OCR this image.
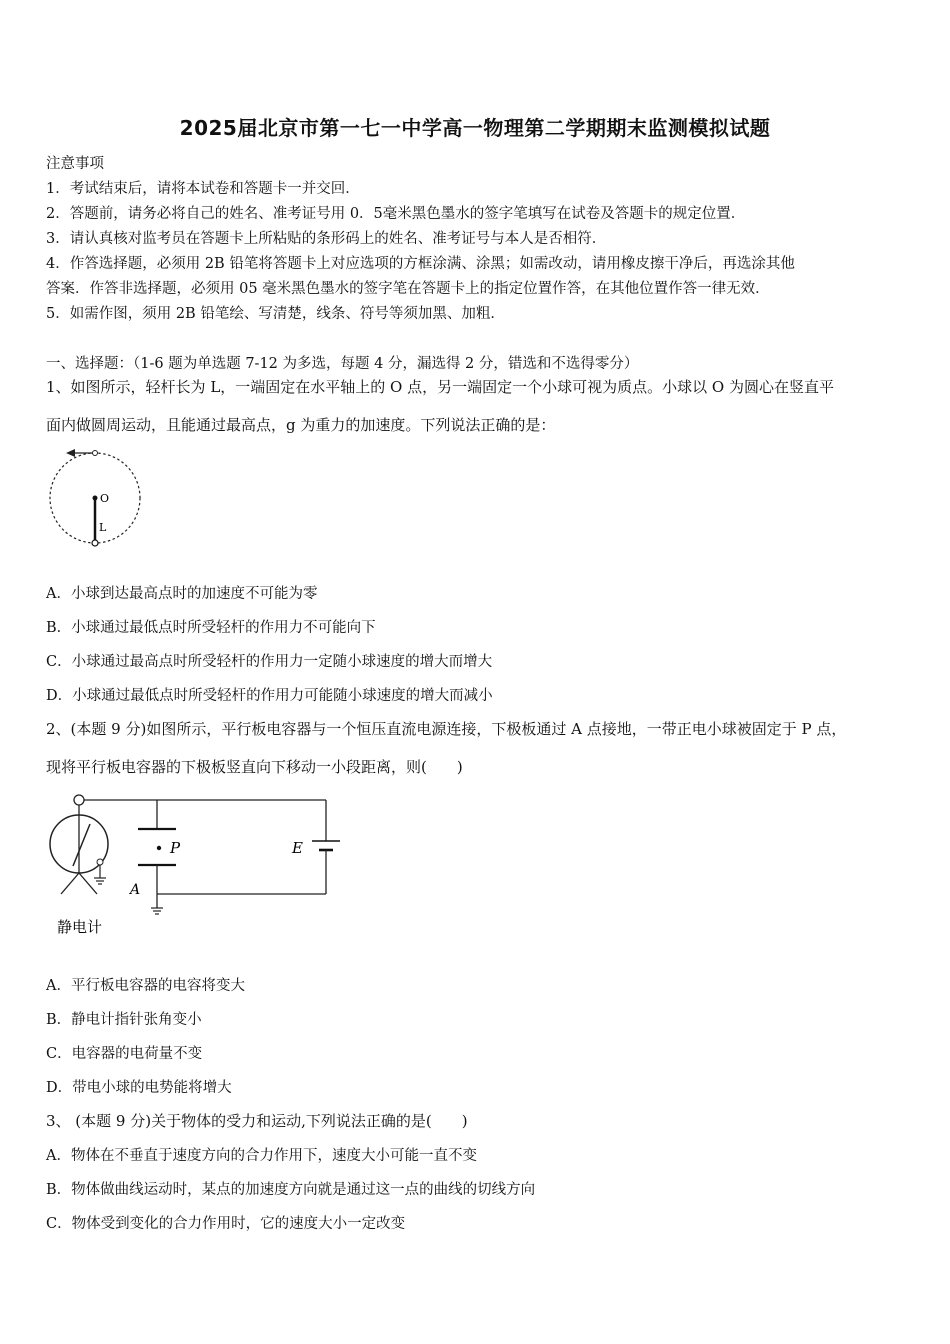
2025届北京市第一七一中学高一物理第二学期期末监测模拟试题
注意事项
1．考试结束后，请将本试卷和答题卡一并交回．
2．答题前，请务必将自己的姓名、准考证号用 0．5毫米黑色墨水的签字笔填写在试卷及答题卡的规定位置．
3．请认真核对监考员在答题卡上所粘贴的条形码上的姓名、准考证号与本人是否相符．
4．作答选择题，必须用 2B 铅笔将答题卡上对应选项的方框涂满、涂黑；如需改动，请用橡皮擦干净后，再选涂其他
答案．作答非选择题，必须用 05 毫米黑色墨水的签字笔在答题卡上的指定位置作答，在其他位置作答一律无效．
5．如需作图，须用 2B 铅笔绘、写清楚，线条、符号等须加黑、加粗．
一、选择题：（1-6 题为单选题 7-12 为多选，每题 4 分，漏选得 2 分，错选和不选得零分）
1、如图所示，轻杆长为 L，一端固定在水平轴上的 O 点，另一端固定一个小球可视为质点。小球以 O 为圆心在竖直平
面内做圆周运动，且能通过最高点，g 为重力的加速度。下列说法正确的是：
O
L
A．小球到达最高点时的加速度不可能为零
B．小球通过最低点时所受轻杆的作用力不可能向下
C．小球通过最高点时所受轻杆的作用力一定随小球速度的增大而增大
D．小球通过最低点时所受轻杆的作用力可能随小球速度的增大而减小
2、(本题 9 分)如图所示，平行板电容器与一个恒压直流电源连接，下极板通过 A 点接地，一带正电小球被固定于 P 点，
现将平行板电容器的下极板竖直向下移动一小段距离，则(　　)
静电计
P
A
E
A．平行板电容器的电容将变大
B．静电计指针张角变小
C．电容器的电荷量不变
D．带电小球的电势能将增大
3、 (本题 9 分)关于物体的受力和运动,下列说法正确的是(　　)
A．物体在不垂直于速度方向的合力作用下，速度大小可能一直不变
B．物体做曲线运动时，某点的加速度方向就是通过这一点的曲线的切线方向
C．物体受到变化的合力作用时，它的速度大小一定改变
